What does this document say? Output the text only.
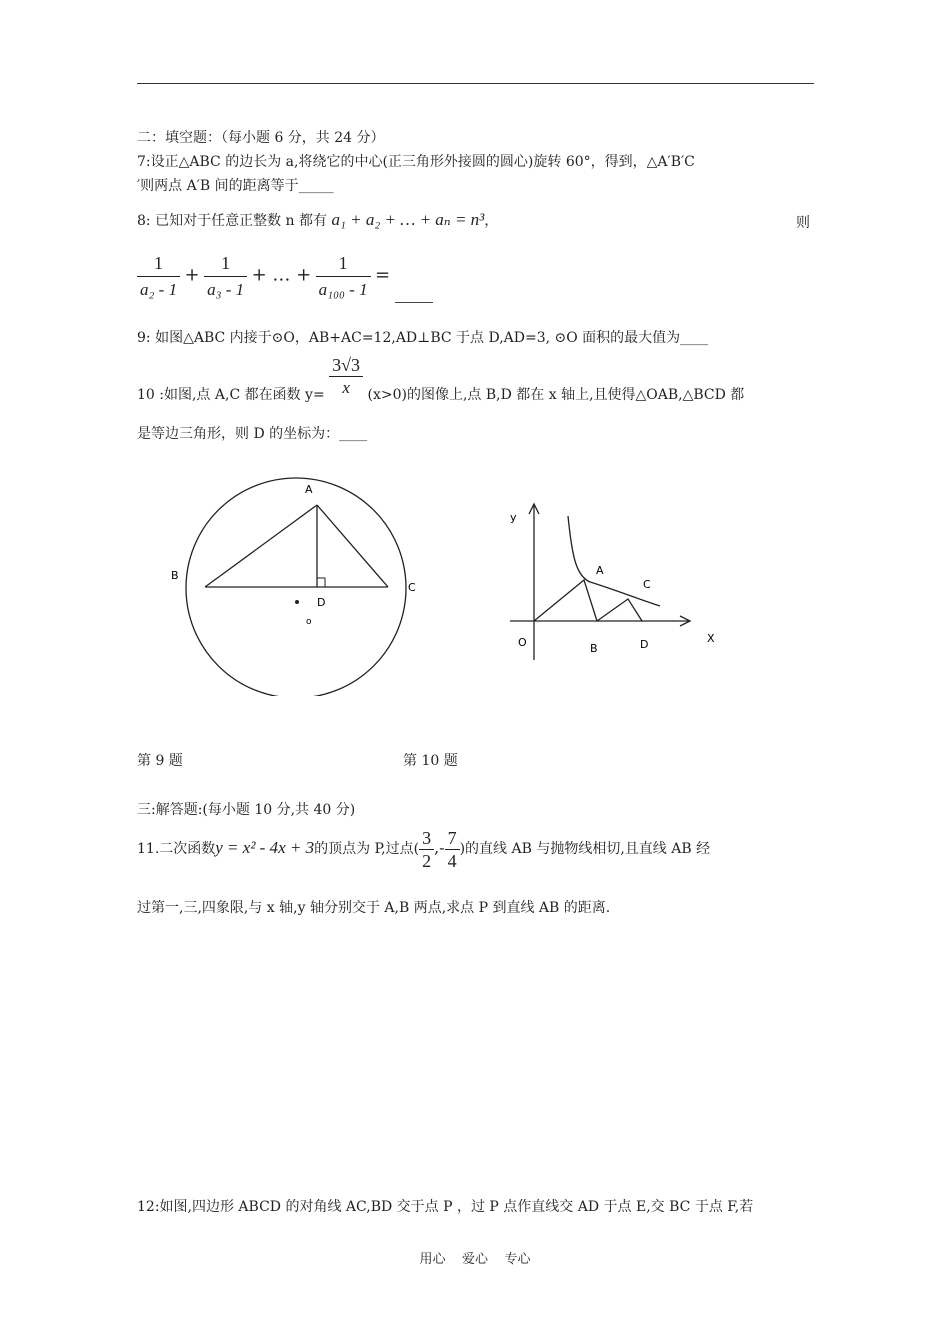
二：填空题：（每小题 6 分，共 24 分）
7:设正△ABC 的边长为 a,将绕它的中心(正三角形外接圆的圆心)旋转 60°，得到，△A′B′C
′则两点 A′B 间的距离等于_____
8: 已知对于任意正整数 n 都有 a₁ + a₂ + … + aₙ = n³，	则
$\frac{1}{\text{a₂ - 1}} + \frac{1}{\text{a₃ - 1}}$ + … + $\frac{1}{\text{a₁₀₀ - 1}}$ =
9: 如图△ABC 内接于⊙O，AB+AC=12,AD⊥BC 于点 D,AD=3, ⊙O 面积的最大值为____
10 :如图,点 A,C 都在函数 $y= \frac{3√3}{x} (x>0)$的图像上,点 B,D 都在 x 轴上,且使得△OAB,△BCD 都
是等边三角形，则 D 的坐标为：____
A
B
C
D
o
y
A
C
O	B	D	X
第 9 题	第 10 题
三:解答题:(每小题 10 分,共 40 分)
11.二次函数y = x² - 4x + 3的顶点为 P,过点( $\frac{3}{2}$ ,- $\frac{7}{4}$ )的直线 AB 与抛物线相切,且直线 AB 经
过第一,三,四象限,与 x 轴,y 轴分别交于 A,B 两点,求点 P 到直线 AB 的距离.
12:如图,四边形 ABCD 的对角线 AC,BD 交于点 P ，过 P 点作直线交 AD 于点 E,交 BC 于点 F,若
用心    爱心    专心
